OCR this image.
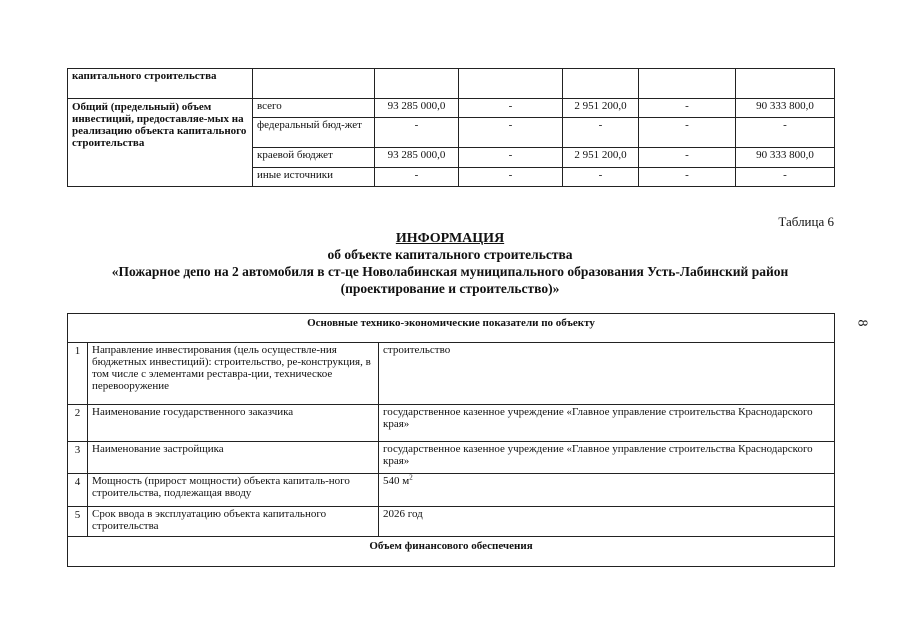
капитального строительства						
Общий (предельный) объем инвестиций, предоставляе-мых на реализацию объекта капитального строительства	всего	93 285 000,0	-	2 951 200,0	-	90 333 800,0
	федеральный бюд-жет	-	-	-	-	-
	краевой бюджет	93 285 000,0	-	2 951 200,0	-	90 333 800,0
	иные источники	-	-	-	-	-
Таблица 6
ИНФОРМАЦИЯ
об объекте капитального строительства
«Пожарное депо на 2 автомобиля в ст-це Новолабинская муниципального образования Усть-Лабинский район
(проектирование и строительство)»
8
Основные технико-экономические показатели по объекту		
1	Направление инвестирования (цель осуществле-ния бюджетных инвестиций): строительство, ре-конструкция, в том числе с элементами реставра-ции, техническое перевооружение	строительство
2	Наименование государственного заказчика	государственное казенное учреждение «Главное управление строительства Краснодарского края»
3	Наименование застройщика	государственное казенное учреждение «Главное управление строительства Краснодарского края»
4	Мощность (прирост мощности) объекта капиталь-ного строительства, подлежащая вводу	540 $м^2$
5	Срок ввода в эксплуатацию объекта капитального строительства	2026 год
Объем финансового обеспечения		
